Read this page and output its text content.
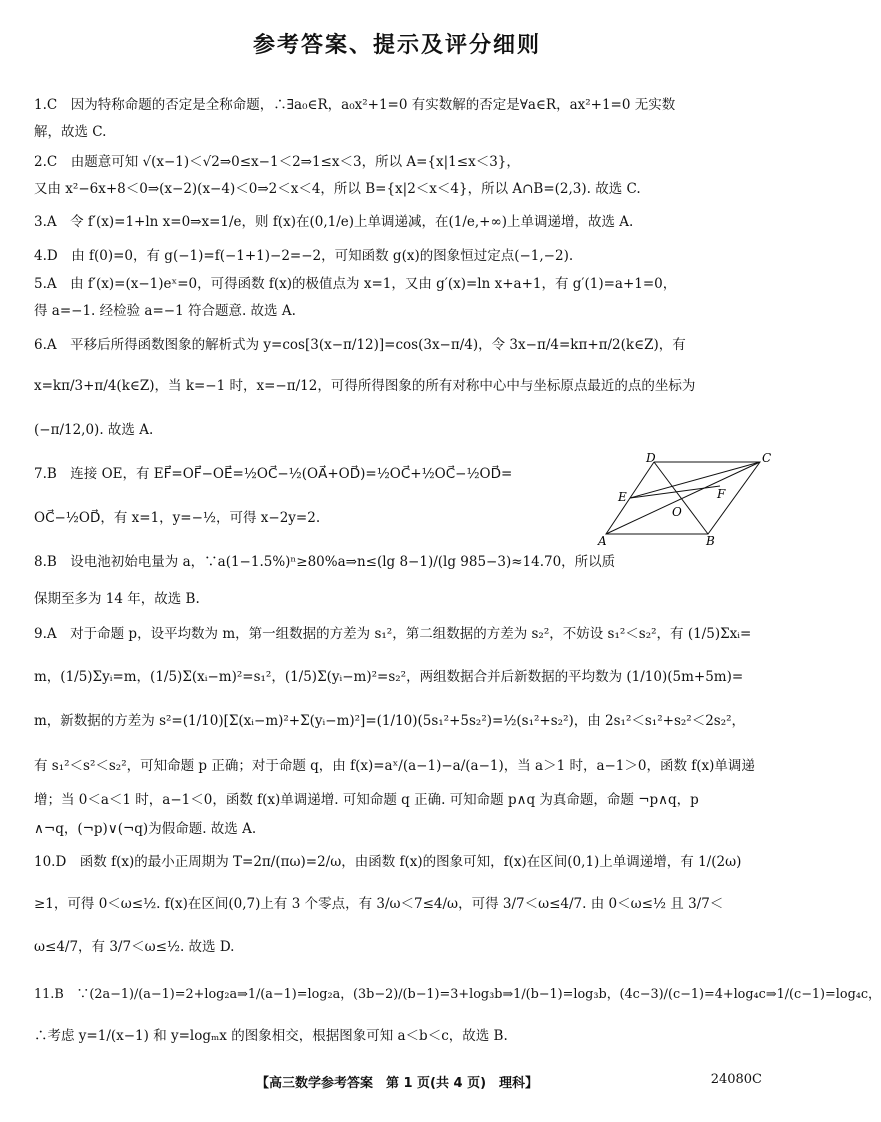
参考答案、提示及评分细则
1.C　因为特称命题的否定是全称命题，∴∃a₀∈R，a₀x²+1=0 有实数解的否定是∀a∈R，ax²+1=0 无实数
解，故选 C.
2.C　由题意可知 √(x−1)＜√2⇒0≤x−1＜2⇒1≤x＜3，所以 A={x|1≤x＜3}，
又由 x²−6x+8＜0⇒(x−2)(x−4)＜0⇒2＜x＜4，所以 B={x|2＜x＜4}，所以 A∩B=(2,3). 故选 C.
3.A　令 f′(x)=1+ln x=0⇒x=1/e，则 f(x)在(0,1/e)上单调递减，在(1/e,+∞)上单调递增，故选 A.
4.D　由 f(0)=0，有 g(−1)=f(−1+1)−2=−2，可知函数 g(x)的图象恒过定点(−1,−2).
5.A　由 f′(x)=(x−1)eˣ=0，可得函数 f(x)的极值点为 x=1，又由 g′(x)=ln x+a+1，有 g′(1)=a+1=0，
得 a=−1. 经检验 a=−1 符合题意. 故选 A.
6.A　平移后所得函数图象的解析式为 y=cos[3(x−π/12)]=cos(3x−π/4)，令 3x−π/4=kπ+π/2(k∈Z)，有
x=kπ/3+π/4(k∈Z)，当 k=−1 时，x=−π/12，可得所得图象的所有对称中心中与坐标原点最近的点的坐标为
(−π/12,0). 故选 A.
7.B　连接 OE，有 EF⃗=OF⃗−OE⃗=½OC⃗−½(OA⃗+OD⃗)=½OC⃗+½OC⃗−½OD⃗=
OC⃗−½OD⃗，有 x=1，y=−½，可得 x−2y=2.
D	C
E	F
O
A	B
8.B　设电池初始电量为 a，∵a(1−1.5%)ⁿ≥80%a⇒n≤(lg 8−1)/(lg 985−3)≈14.70，所以质
保期至多为 14 年，故选 B.
9.A　对于命题 p，设平均数为 m，第一组数据的方差为 s₁²，第二组数据的方差为 s₂²，不妨设 s₁²＜s₂²，有 (1/5)Σxᵢ=
m，(1/5)Σyᵢ=m，(1/5)Σ(xᵢ−m)²=s₁²，(1/5)Σ(yᵢ−m)²=s₂²，两组数据合并后新数据的平均数为 (1/10)(5m+5m)=
m，新数据的方差为 s²=(1/10)[Σ(xᵢ−m)²+Σ(yᵢ−m)²]=(1/10)(5s₁²+5s₂²)=½(s₁²+s₂²)，由 2s₁²＜s₁²+s₂²＜2s₂²，
有 s₁²＜s²＜s₂²，可知命题 p 正确；对于命题 q，由 f(x)=aˣ/(a−1)−a/(a−1)，当 a＞1 时，a−1＞0，函数 f(x)单调递
增；当 0＜a＜1 时，a−1＜0，函数 f(x)单调递增. 可知命题 q 正确. 可知命题 p∧q 为真命题，命题 ¬p∧q，p
∧¬q，(¬p)∨(¬q)为假命题. 故选 A.
10.D　函数 f(x)的最小正周期为 T=2π/(πω)=2/ω，由函数 f(x)的图象可知，f(x)在区间(0,1)上单调递增，有 1/(2ω)
≥1，可得 0＜ω≤½. f(x)在区间(0,7)上有 3 个零点，有 3/ω＜7≤4/ω，可得 3/7＜ω≤4/7. 由 0＜ω≤½ 且 3/7＜
ω≤4/7，有 3/7＜ω≤½. 故选 D.
11.B　∵(2a−1)/(a−1)=2+log₂a⇒1/(a−1)=log₂a，(3b−2)/(b−1)=3+log₃b⇒1/(b−1)=log₃b，(4c−3)/(c−1)=4+log₄c⇒1/(c−1)=log₄c，
∴考虑 y=1/(x−1) 和 y=logₘx 的图象相交，根据图象可知 a＜b＜c，故选 B.
【高三数学参考答案　第 1 页(共 4 页)　理科】	24080C
